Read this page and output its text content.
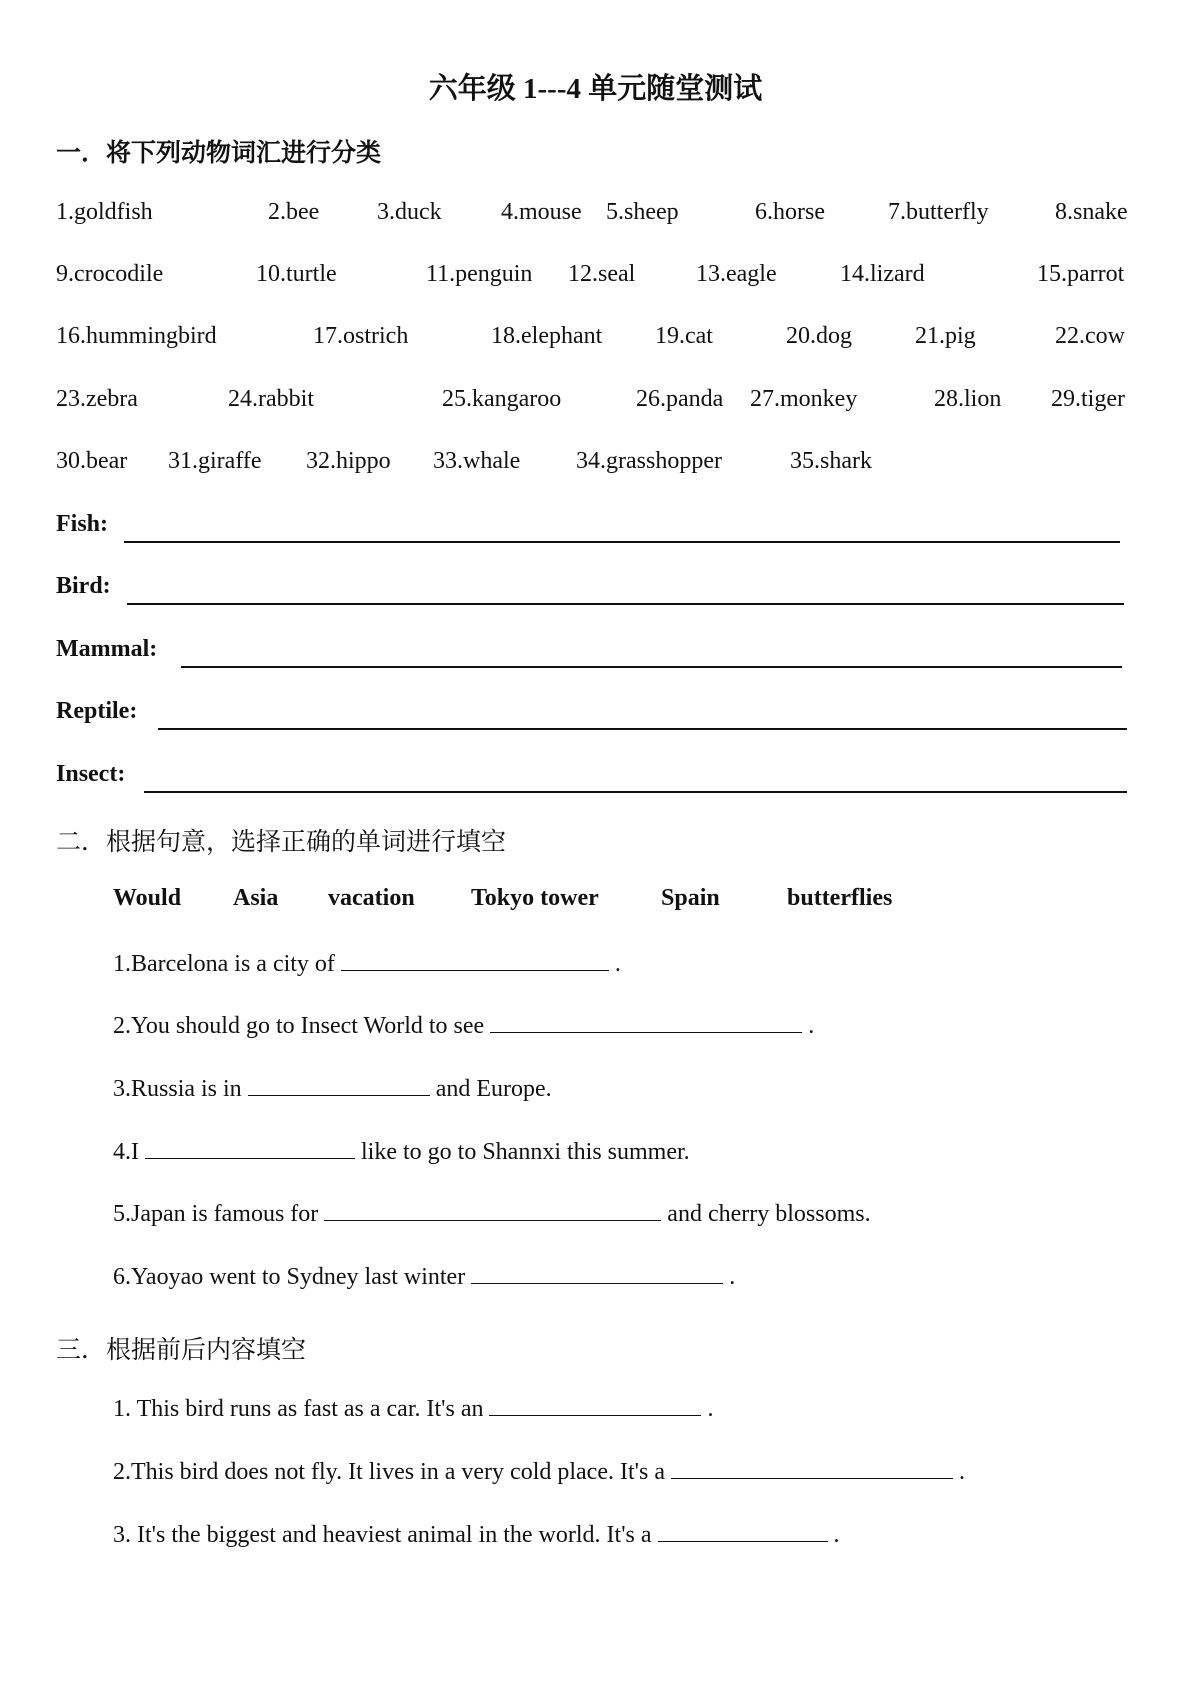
六年级 1---4 单元随堂测试
一．将下列动物词汇进行分类
1.goldfish	2.bee 3.duck 4.mouse 5.sheep	6.horse	7.butterfly	8.snake
9.crocodile	10.turtle	11.penguin 12.seal	13.eagle	14.lizard	15.parrot
16.hummingbird	17.ostrich	18.elephant 19.cat	20.dog	21.pig	22.cow
23.zebra	24.rabbit	25.kangaroo	26.panda 27.monkey	28.lion 29.tiger
30.bear 31.giraffe 32.hippo 33.whale 34.grasshopper	35.shark
Fish:
Bird:
Mammal:
Reptile:
Insect:
二．根据句意，选择正确的单词进行填空
Would Asia vacation Tokyo tower	Spain	butterflies
1.Barcelona is a city of	.
2.You should go to Insect World to see	.
3.Russia is in	and Europe.
4.I	like to go to Shannxi this summer.
5.Japan is famous for	and cherry blossoms.
6.Yaoyao went to Sydney last winter	.
三．根据前后内容填空
1. This bird runs as fast as a car. It's an	.
2.This bird does not fly. It lives in a very cold place. It's a	.
3. It's the biggest and heaviest animal in the world. It's a	.
